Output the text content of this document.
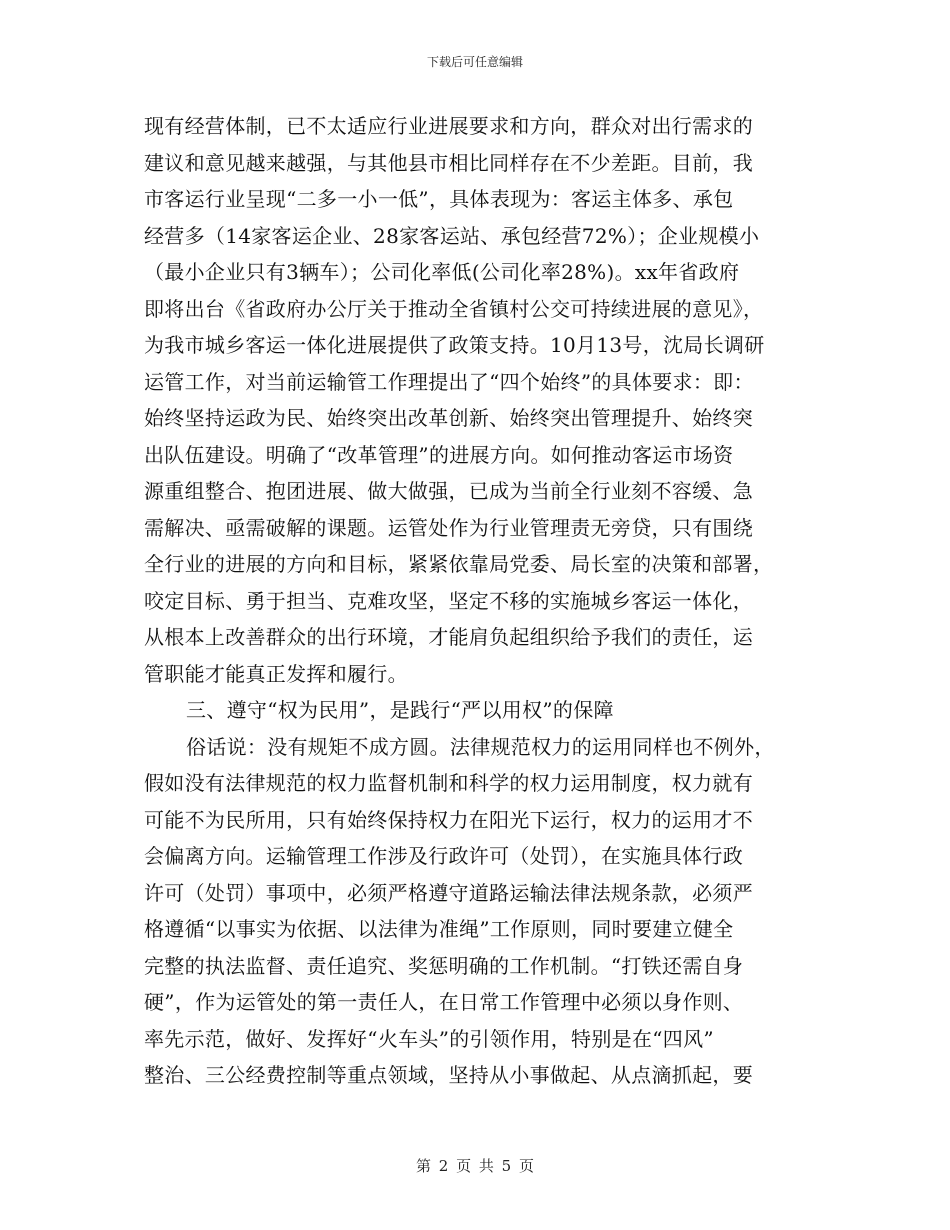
下载后可任意编辑
现有经营体制，已不太适应行业进展要求和方向，群众对出行需求的
建议和意见越来越强，与其他县市相比同样存在不少差距。目前，我
市客运行业呈现“二多一小一低”，具体表现为：客运主体多、承包
经营多（14家客运企业、28家客运站、承包经营72%）；企业规模小
（最小企业只有3辆车）；公司化率低(公司化率28%)。xx年省政府
即将出台《省政府办公厅关于推动全省镇村公交可持续进展的意见》，
为我市城乡客运一体化进展提供了政策支持。10月13号，沈局长调研
运管工作，对当前运输管工作理提出了“四个始终”的具体要求：即：
始终坚持运政为民、始终突出改革创新、始终突出管理提升、始终突
出队伍建设。明确了“改革管理”的进展方向。如何推动客运市场资
源重组整合、抱团进展、做大做强，已成为当前全行业刻不容缓、急
需解决、亟需破解的课题。运管处作为行业管理责无旁贷，只有围绕
全行业的进展的方向和目标，紧紧依靠局党委、局长室的决策和部署，
咬定目标、勇于担当、克难攻坚，坚定不移的实施城乡客运一体化，
从根本上改善群众的出行环境，才能肩负起组织给予我们的责任，运
管职能才能真正发挥和履行。
三、遵守“权为民用”，是践行“严以用权”的保障
俗话说：没有规矩不成方圆。法律规范权力的运用同样也不例外，
假如没有法律规范的权力监督机制和科学的权力运用制度，权力就有
可能不为民所用，只有始终保持权力在阳光下运行，权力的运用才不
会偏离方向。运输管理工作涉及行政许可（处罚），在实施具体行政
许可（处罚）事项中，必须严格遵守道路运输法律法规条款，必须严
格遵循“以事实为依据、以法律为准绳”工作原则，同时要建立健全
完整的执法监督、责任追究、奖惩明确的工作机制。“打铁还需自身
硬”，作为运管处的第一责任人，在日常工作管理中必须以身作则、
率先示范，做好、发挥好“火车头”的引领作用，特别是在“四风”
整治、三公经费控制等重点领域，坚持从小事做起、从点滴抓起，要
第 2 页 共 5 页
